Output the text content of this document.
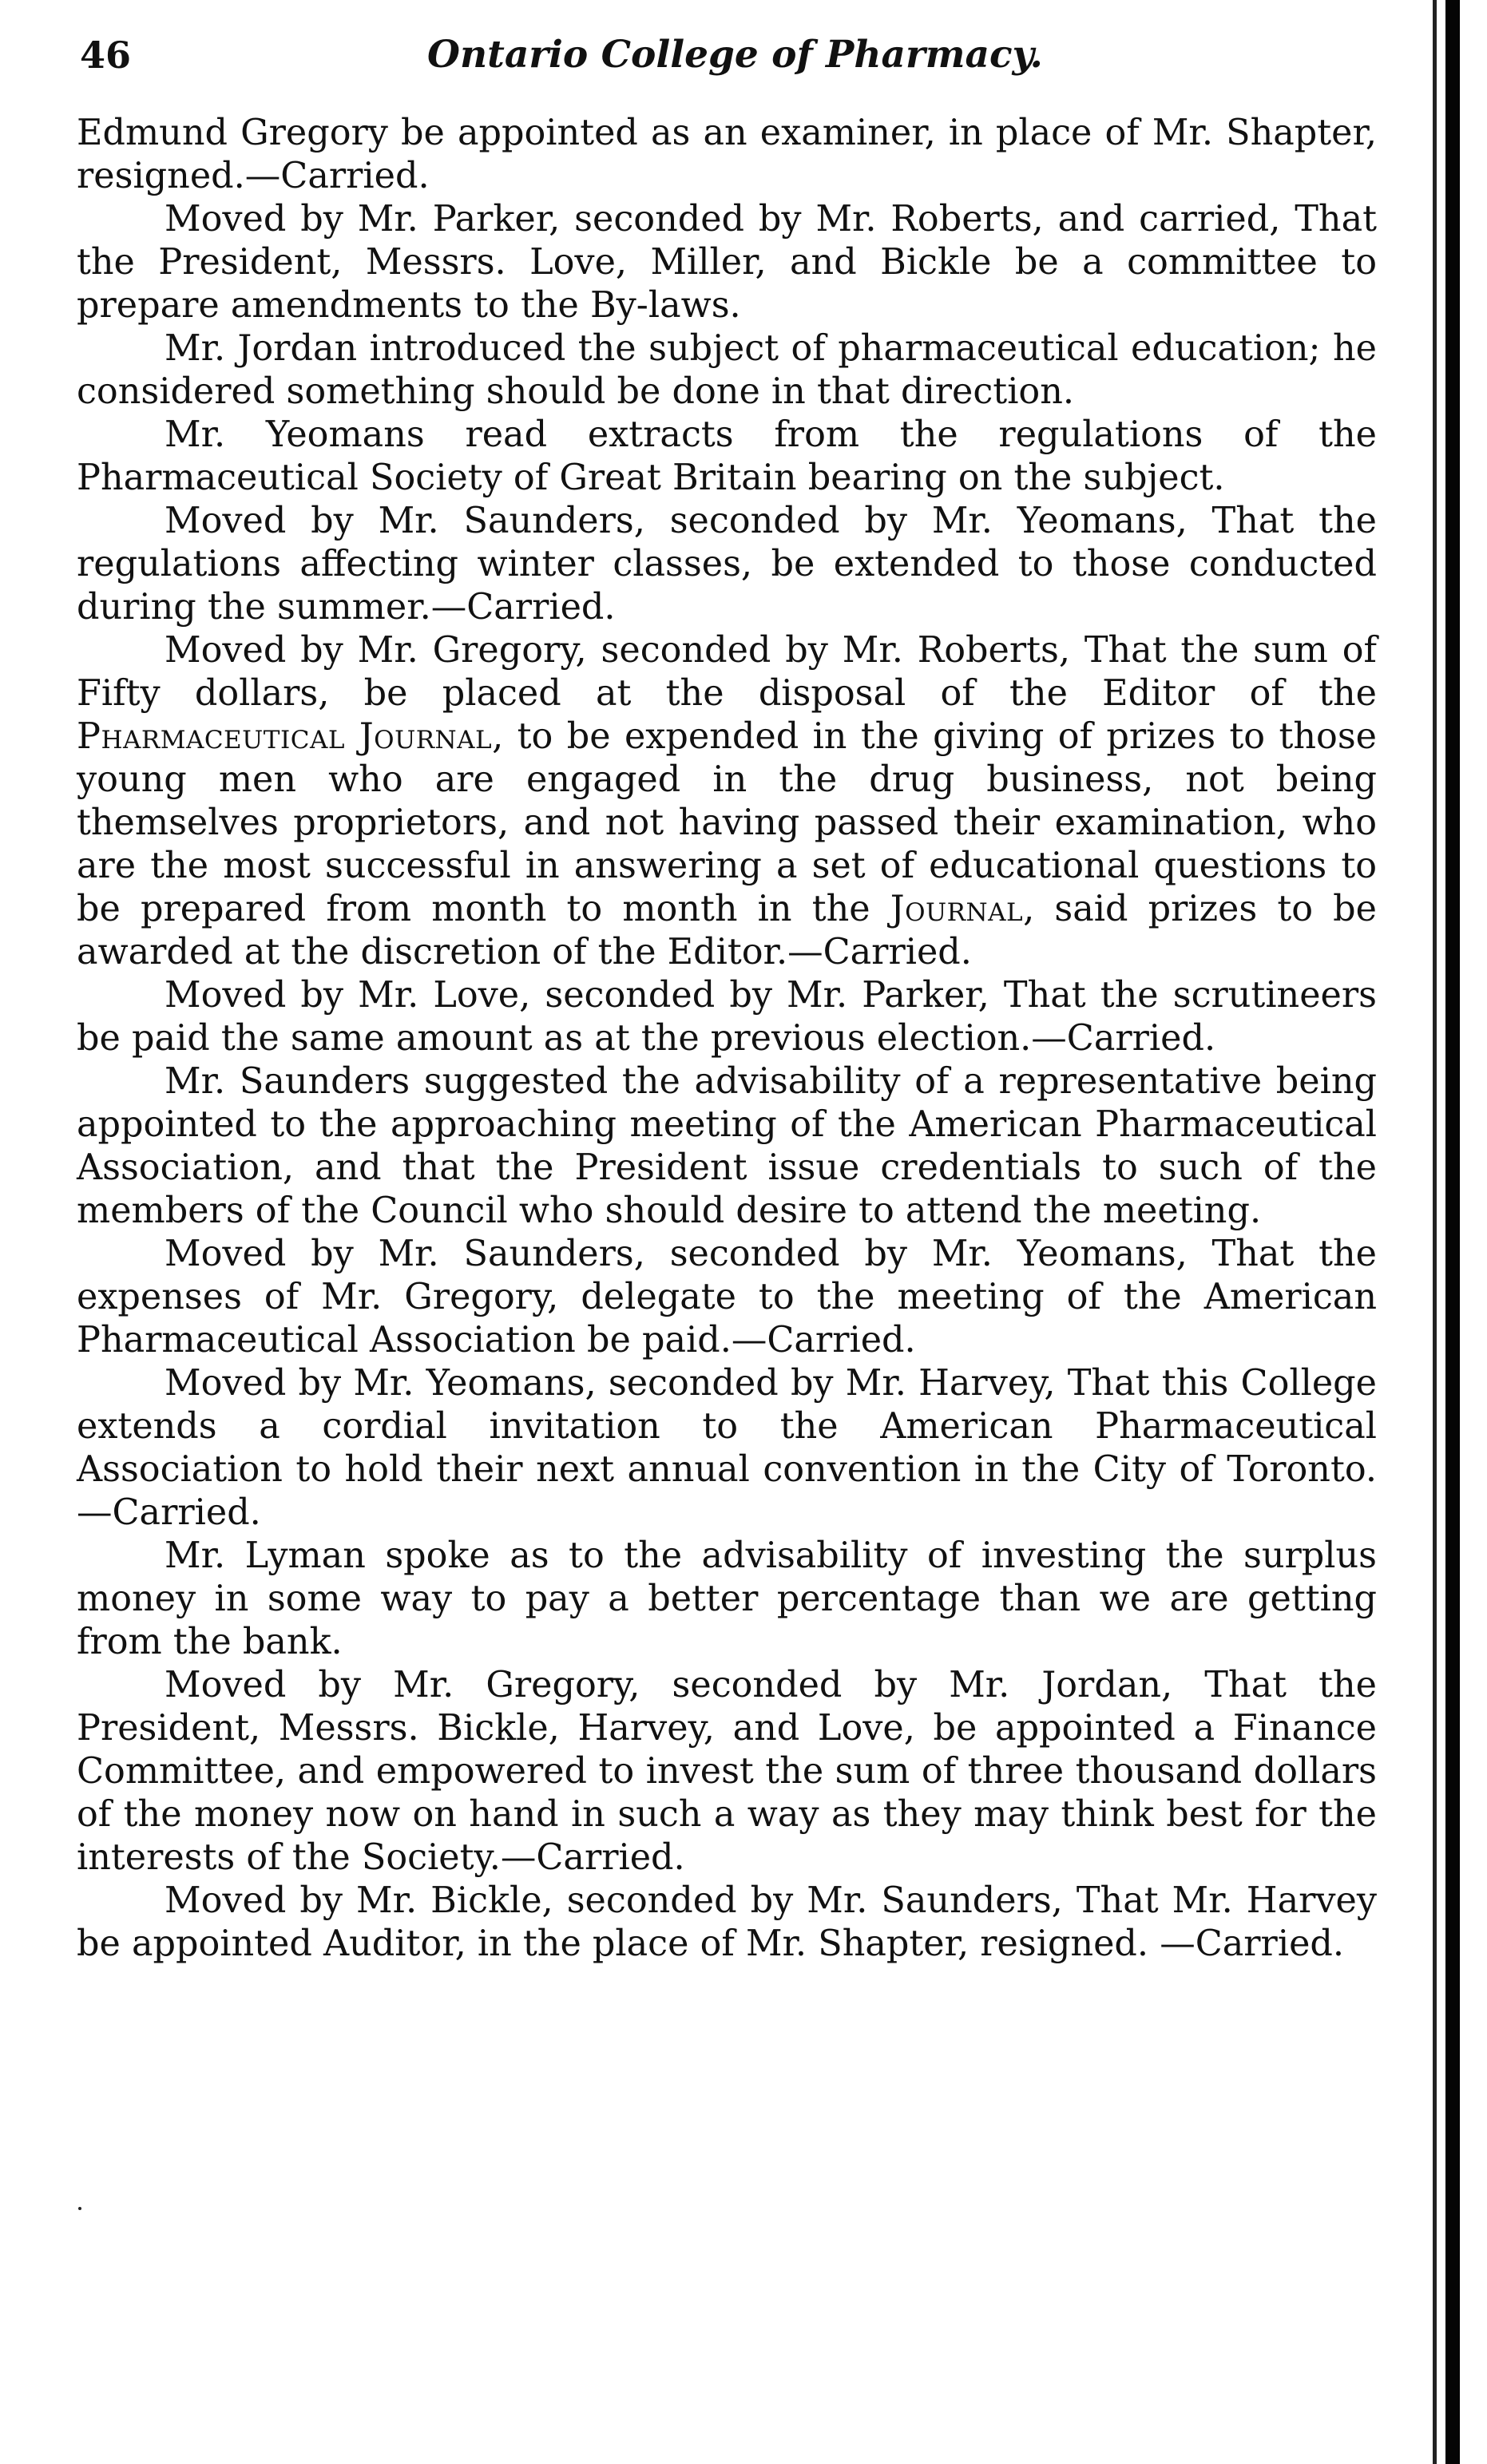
46	Ontario College of Pharmacy.

Edmund Gregory be appointed as an examiner, in place of Mr. Shapter, resigned.—Carried.

Moved by Mr. Parker, seconded by Mr. Roberts, and carried, That the President, Messrs. Love, Miller, and Bickle be a committee to prepare amendments to the By-laws.

Mr. Jordan introduced the subject of pharmaceutical education; he considered something should be done in that direction.

Mr. Yeomans read extracts from the regulations of the Pharmaceutical Society of Great Britain bearing on the subject.

Moved by Mr. Saunders, seconded by Mr. Yeomans, That the regulations affecting winter classes, be extended to those conducted during the summer.—Carried.

Moved by Mr. Gregory, seconded by Mr. Roberts, That the sum of Fifty dollars, be placed at the disposal of the Editor of the Pharmaceutical Journal, to be expended in the giving of prizes to those young men who are engaged in the drug business, not being themselves proprietors, and not having passed their examination, who are the most successful in answering a set of educational questions to be prepared from month to month in the Journal, said prizes to be awarded at the discretion of the Editor.—Carried.

Moved by Mr. Love, seconded by Mr. Parker, That the scrutineers be paid the same amount as at the previous election.—Carried.

Mr. Saunders suggested the advisability of a representative being appointed to the approaching meeting of the American Pharmaceutical Association, and that the President issue credentials to such of the members of the Council who should desire to attend the meeting.

Moved by Mr. Saunders, seconded by Mr. Yeomans, That the expenses of Mr. Gregory, delegate to the meeting of the American Pharmaceutical Association be paid.—Carried.

Moved by Mr. Yeomans, seconded by Mr. Harvey, That this College extends a cordial invitation to the American Pharmaceutical Association to hold their next annual convention in the City of Toronto.—Carried.

Mr. Lyman spoke as to the advisability of investing the surplus money in some way to pay a better percentage than we are getting from the bank.

Moved by Mr. Gregory, seconded by Mr. Jordan, That the President, Messrs. Bickle, Harvey, and Love, be appointed a Finance Committee, and empowered to invest the sum of three thousand dollars of the money now on hand in such a way as they may think best for the interests of the Society.—Carried.

Moved by Mr. Bickle, seconded by Mr. Saunders, That Mr. Harvey be appointed Auditor, in the place of Mr. Shapter, resigned. —Carried.
